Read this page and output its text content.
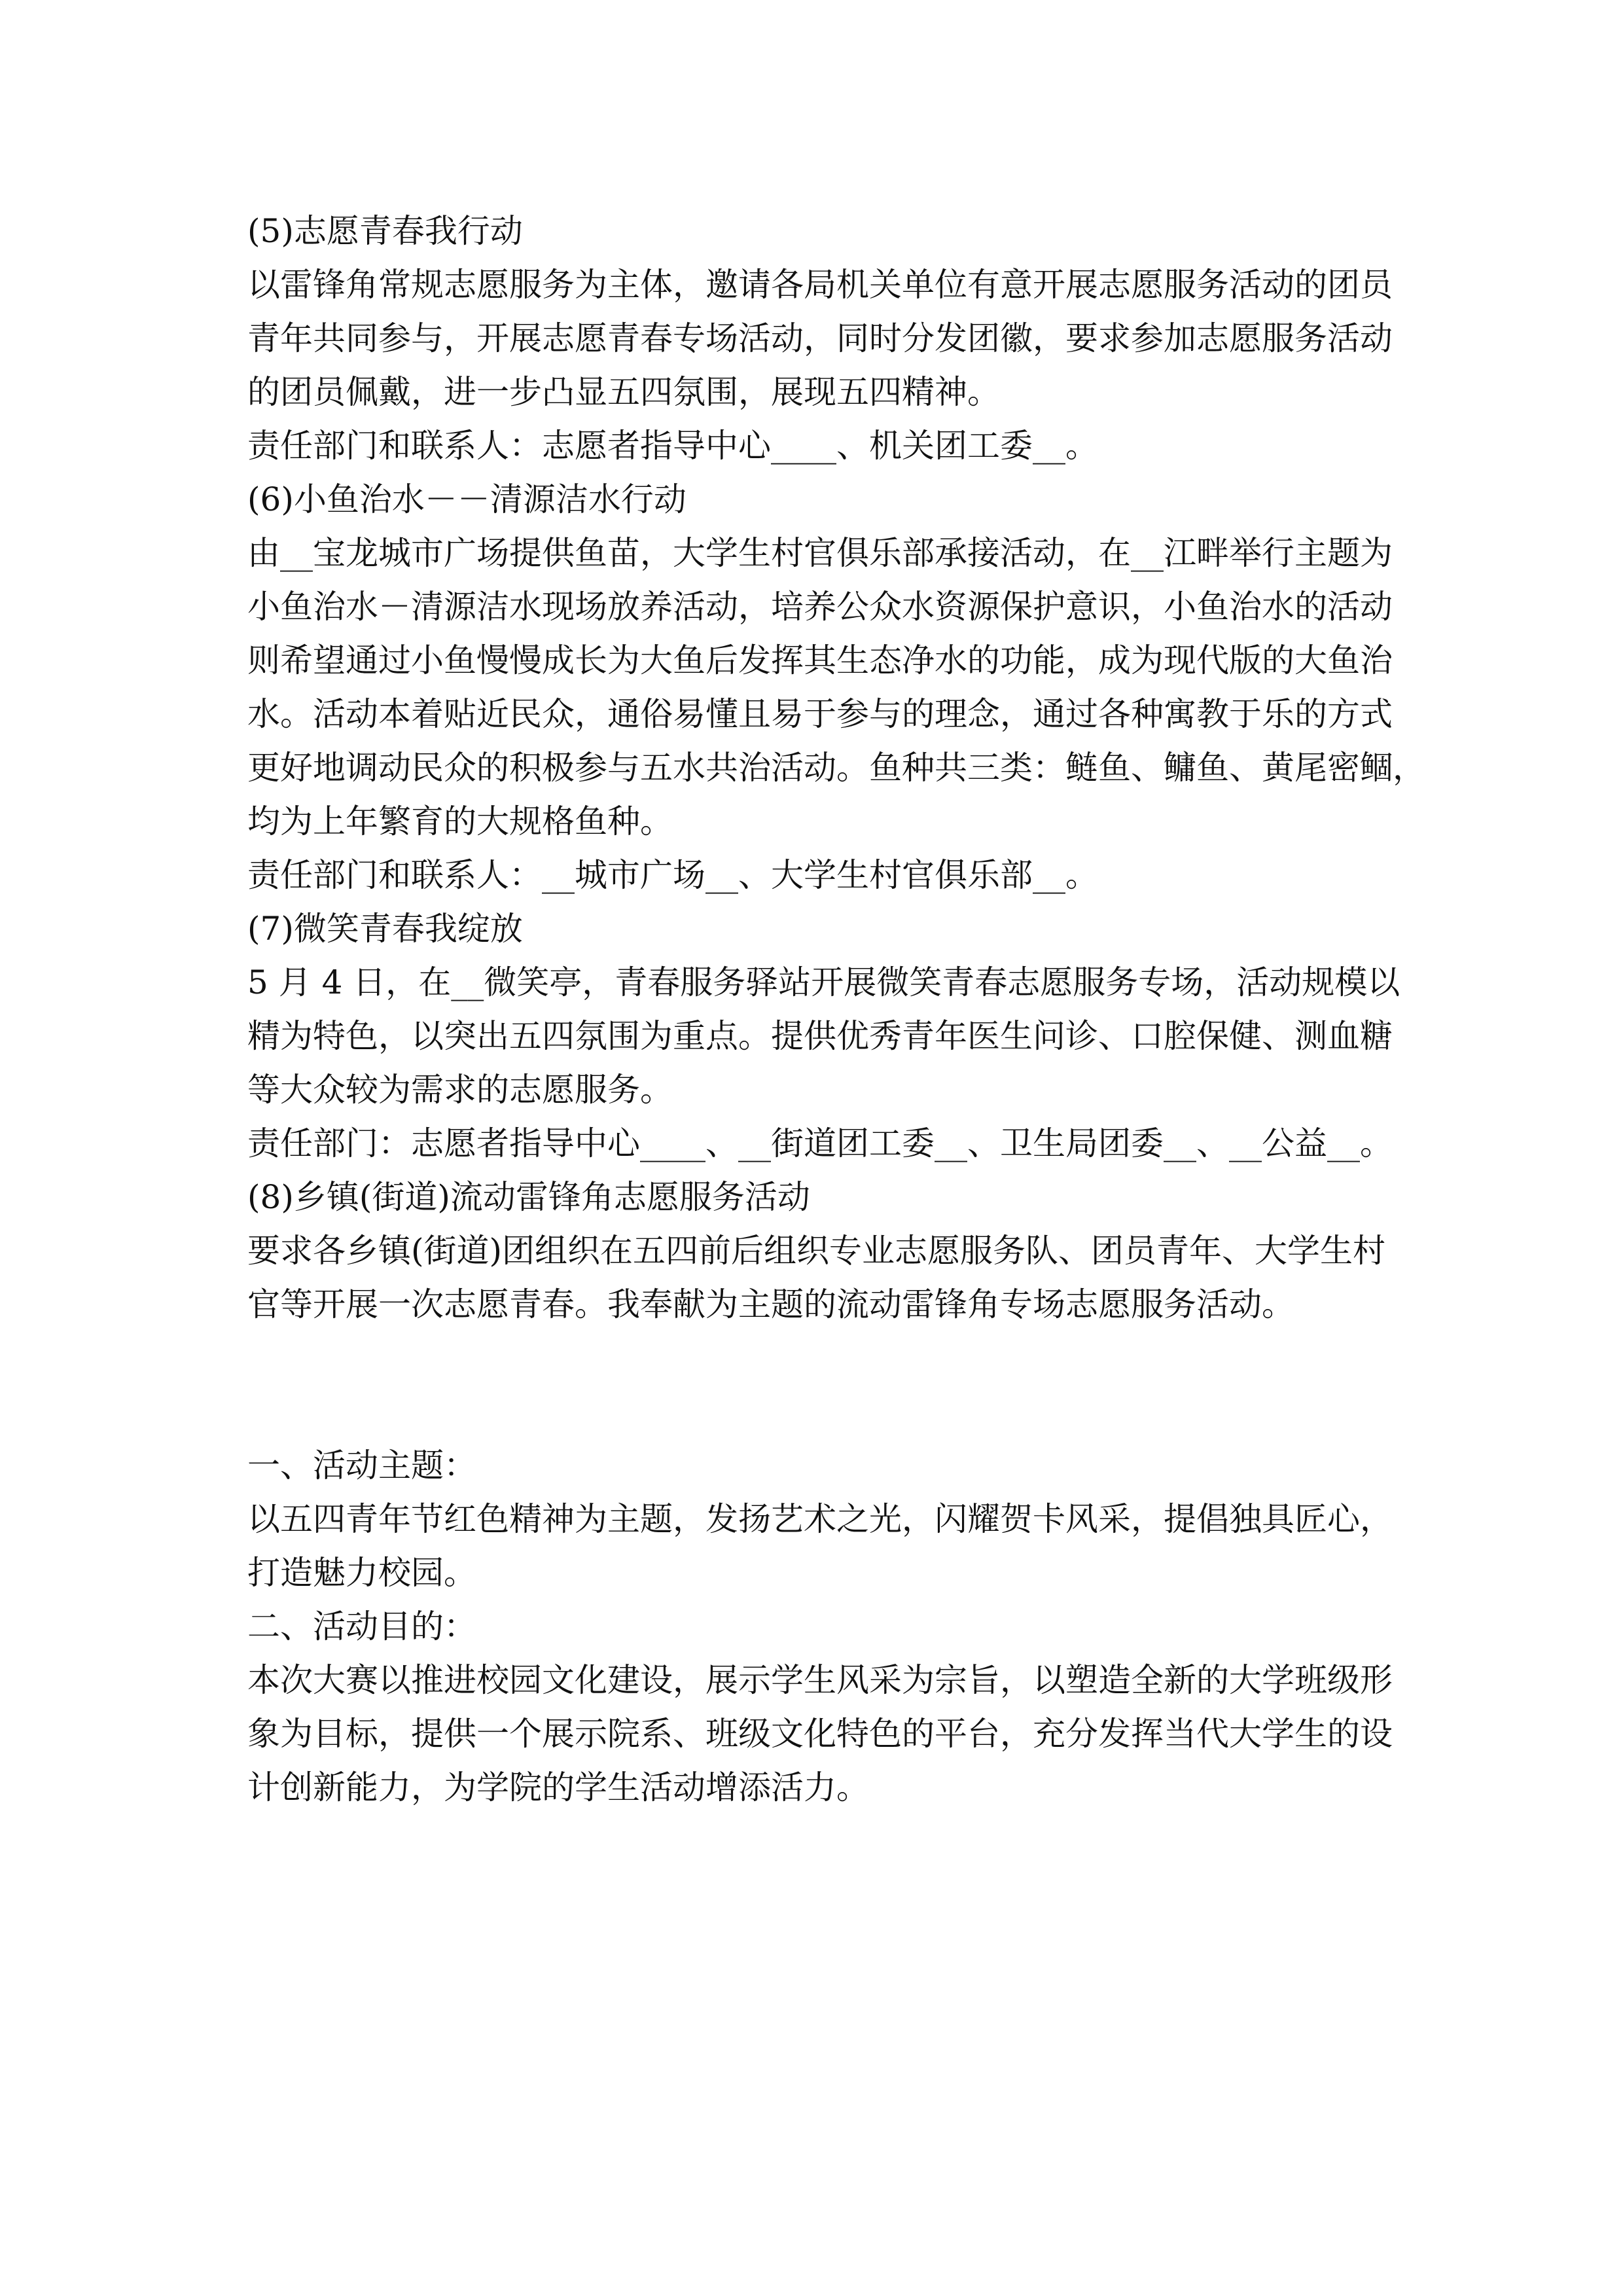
(5)志愿青春我行动
以雷锋角常规志愿服务为主体，邀请各局机关单位有意开展志愿服务活动的团员
青年共同参与，开展志愿青春专场活动，同时分发团徽，要求参加志愿服务活动
的团员佩戴，进一步凸显五四氛围，展现五四精神。
责任部门和联系人：志愿者指导中心____、机关团工委__。
(6)小鱼治水－－清源洁水行动
由__宝龙城市广场提供鱼苗，大学生村官俱乐部承接活动，在__江畔举行主题为
小鱼治水－清源洁水现场放养活动，培养公众水资源保护意识，小鱼治水的活动
则希望通过小鱼慢慢成长为大鱼后发挥其生态净水的功能，成为现代版的大鱼治
水。活动本着贴近民众，通俗易懂且易于参与的理念，通过各种寓教于乐的方式
更好地调动民众的积极参与五水共治活动。鱼种共三类：鲢鱼、鳙鱼、黄尾密鲴，
均为上年繁育的大规格鱼种。
责任部门和联系人：__城市广场__、大学生村官俱乐部__。
(7)微笑青春我绽放
5 月 4 日，在__微笑亭，青春服务驿站开展微笑青春志愿服务专场，活动规模以
精为特色，以突出五四氛围为重点。提供优秀青年医生问诊、口腔保健、测血糖
等大众较为需求的志愿服务。
责任部门：志愿者指导中心____、__街道团工委__、卫生局团委__、__公益__。
(8)乡镇(街道)流动雷锋角志愿服务活动
要求各乡镇(街道)团组织在五四前后组织专业志愿服务队、团员青年、大学生村
官等开展一次志愿青春。我奉献为主题的流动雷锋角专场志愿服务活动。
一、活动主题：
以五四青年节红色精神为主题，发扬艺术之光，闪耀贺卡风采，提倡独具匠心，
打造魅力校园。
二、活动目的：
本次大赛以推进校园文化建设，展示学生风采为宗旨，以塑造全新的大学班级形
象为目标，提供一个展示院系、班级文化特色的平台，充分发挥当代大学生的设
计创新能力，为学院的学生活动增添活力。
